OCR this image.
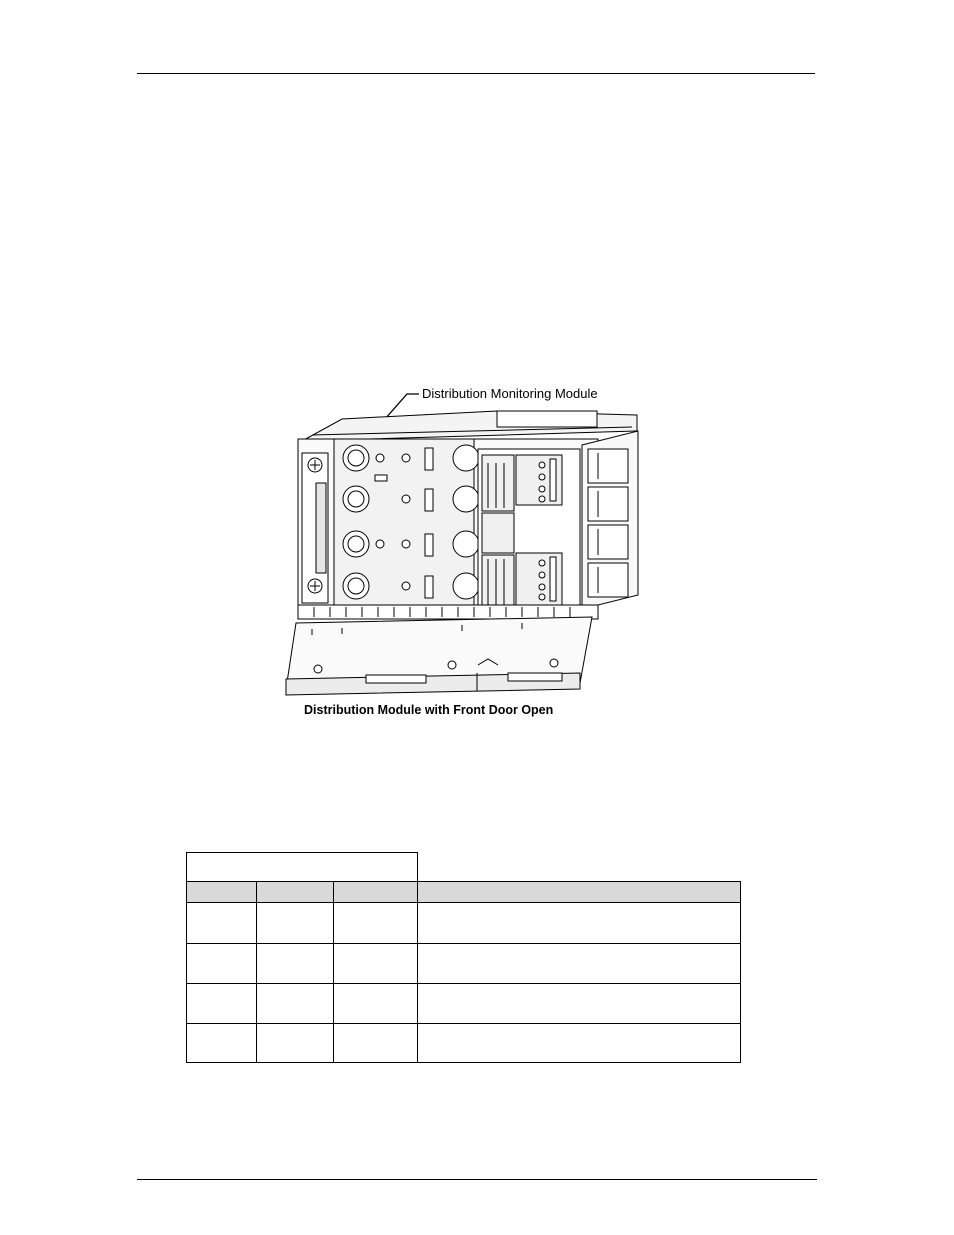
Distribution Monitoring Module
Distribution Module with Front Door Open
